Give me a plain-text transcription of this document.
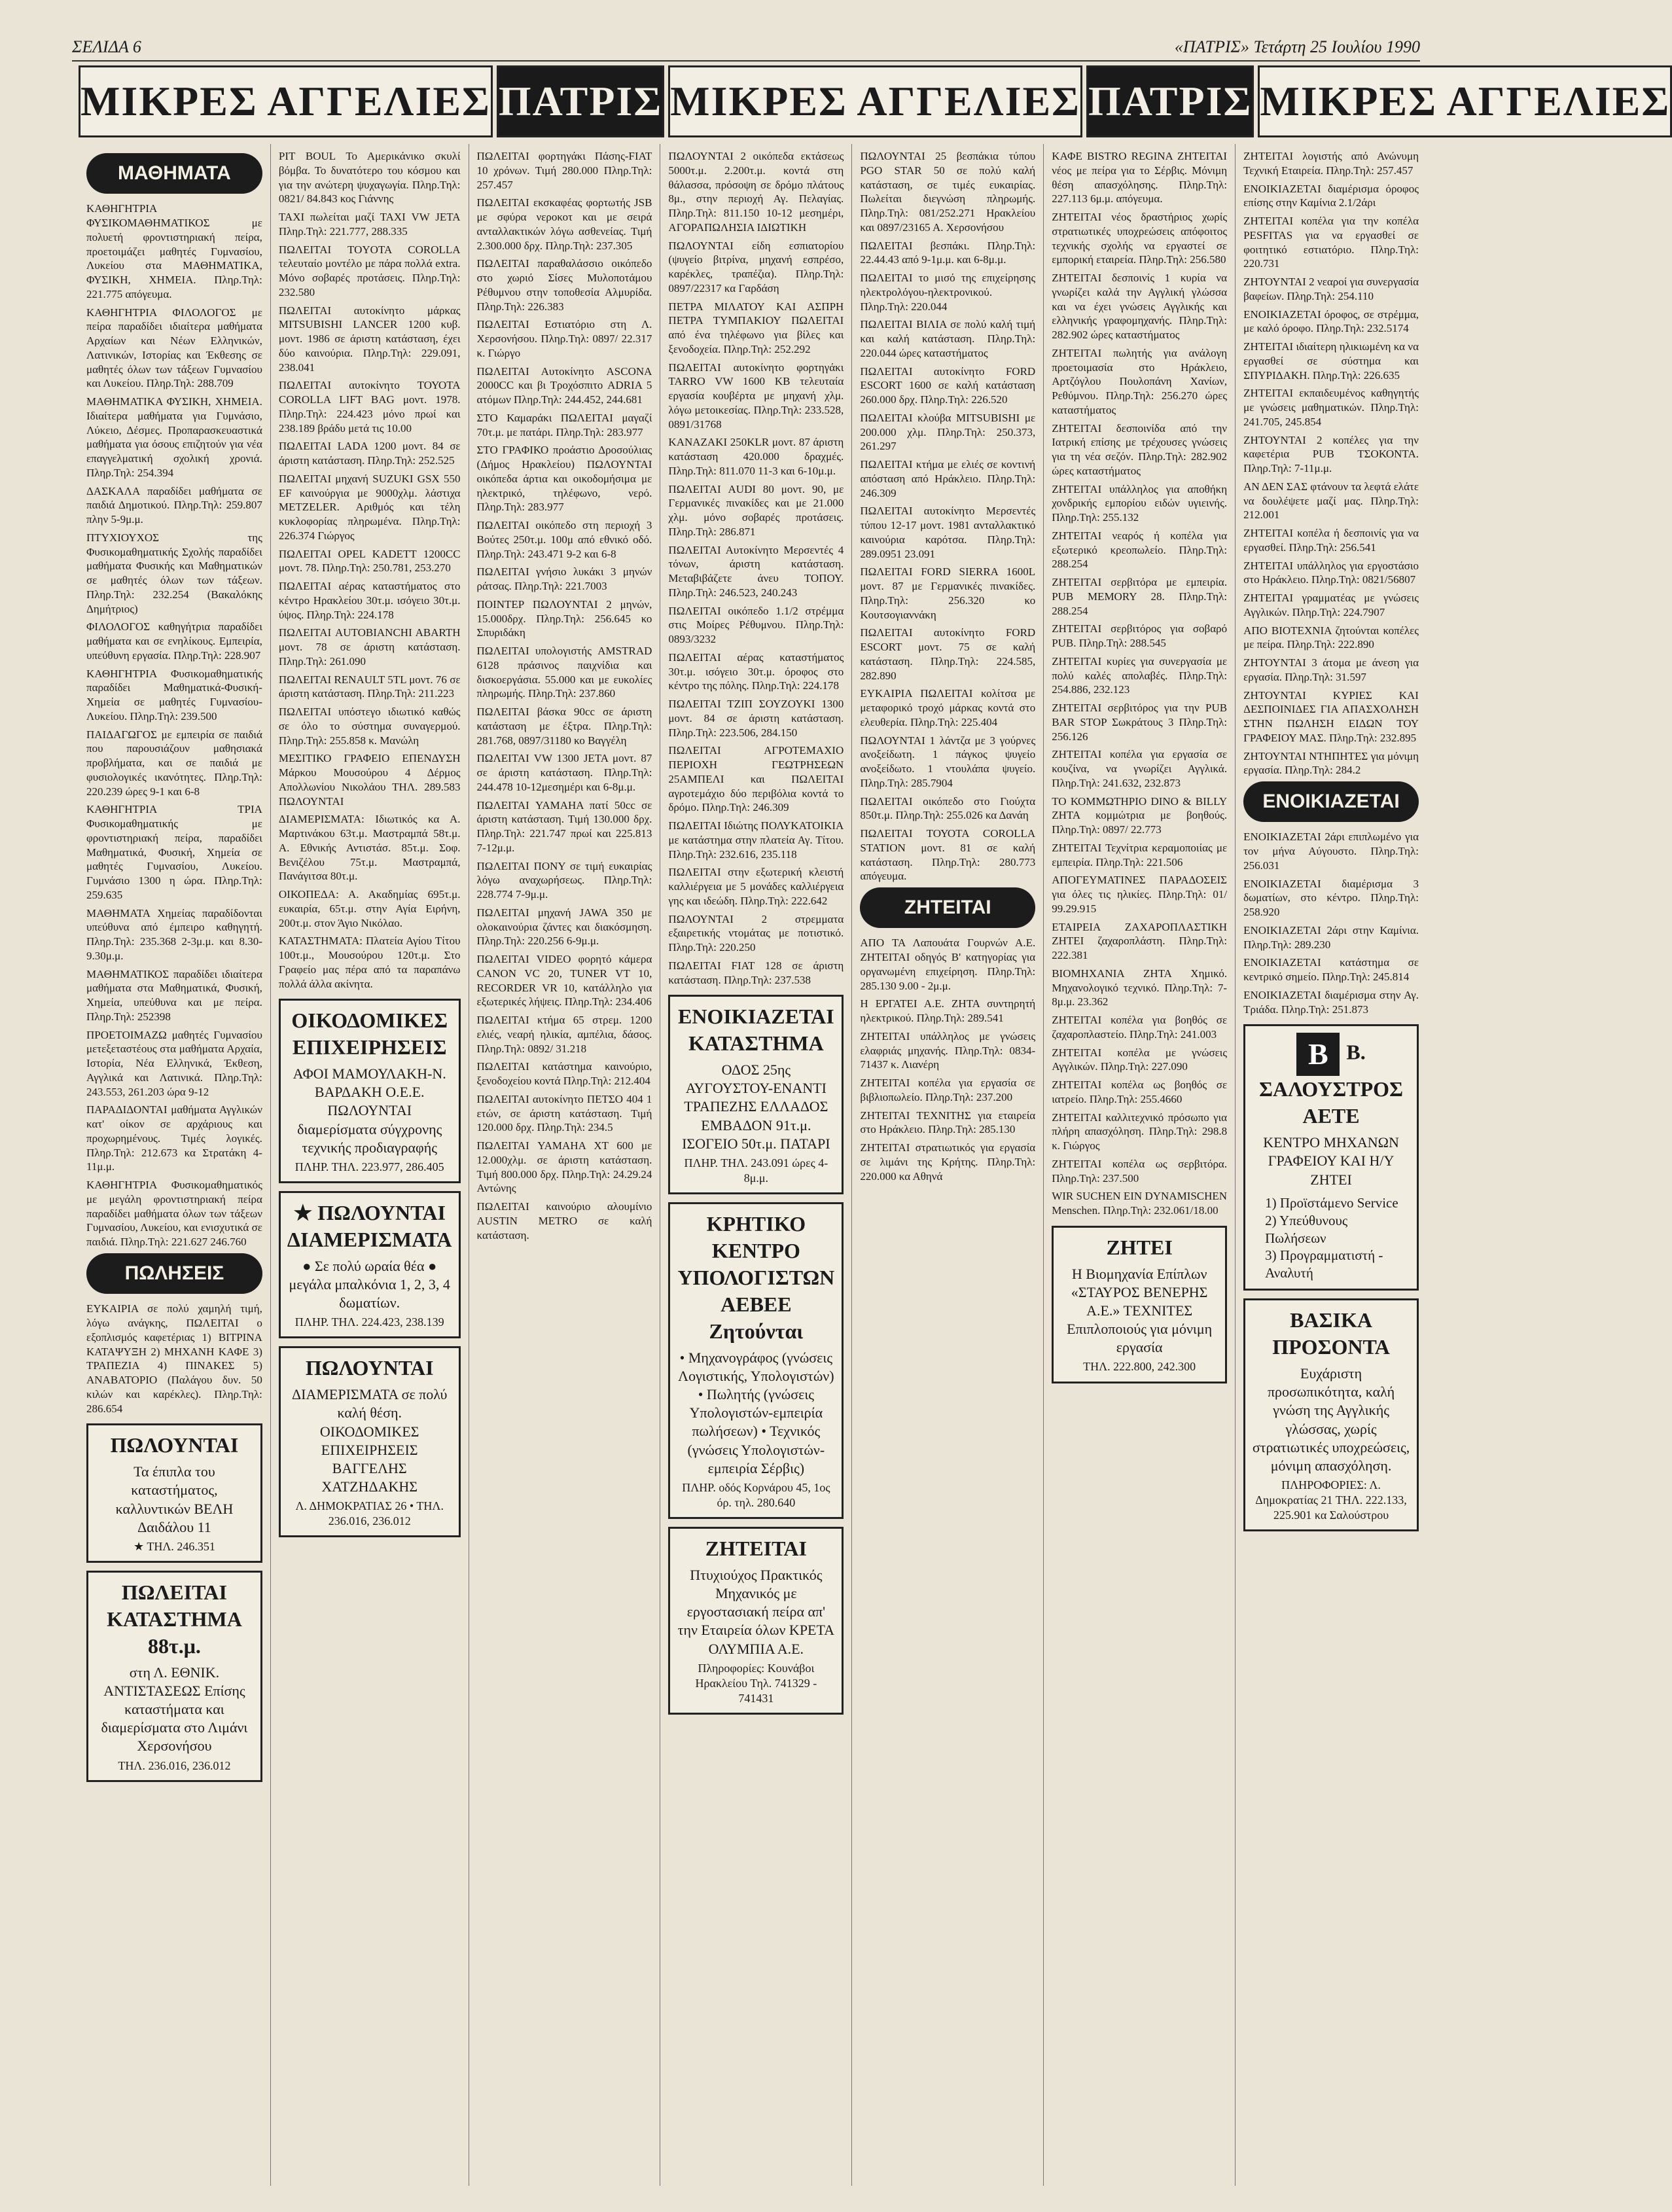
ΣΕΛΙΔΑ 6	«ΠΑΤΡΙΣ» Τετάρτη 25 Ιουλίου 1990
ΜΙΚΡΕΣ ΑΓΓΕΛΙΕΣ ΠΑΤΡΙΣ ΜΙΚΡΕΣ ΑΓΓΕΛΙΕΣ ΠΑΤΡΙΣ ΜΙΚΡΕΣ ΑΓΓΕΛΙΕΣ
ΜΑΘΗΜΑΤΑ

ΚΑΘΗΓΗΤΡΙΑ ΦΥΣΙΚΟΜΑΘΗΜΑΤΙΚΟΣ με πολυετή φροντιστηριακή πείρα, προετοιμάζει μαθητές Γυμνασίου, Λυκείου στα ΜΑΘΗΜΑΤΙΚΑ, ΦΥΣΙΚΗ, ΧΗΜΕΙΑ. Πληρ.Τηλ: 221.775 απόγευμα.

ΚΑΘΗΓΗΤΡΙΑ ΦΙΛΟΛΟΓΟΣ με πείρα παραδίδει ιδιαίτερα μαθήματα Αρχαίων και Νέων Ελληνικών, Λατινικών, Ιστορίας και Έκθεσης σε μαθητές όλων των τάξεων Γυμνασίου και Λυκείου. Πληρ.Τηλ: 288.709

ΜΑΘΗΜΑΤΙΚΑ ΦΥΣΙΚΗ, ΧΗΜΕΙΑ. Ιδιαίτερα μαθήματα για Γυμνάσιο, Λύκειο, Δέσμες. Προπαρασκευαστικά μαθήματα για όσους επιζητούν για νέα επαγγελματική σχολική χρονιά. Πληρ.Τηλ: 254.394

ΔΑΣΚΑΛΑ παραδίδει μαθήματα σε παιδιά Δημοτικού. Πληρ.Τηλ: 259.807 πλην 5-9μ.μ.

ΠΤΥΧΙΟΥΧΟΣ της Φυσικομαθηματικής Σχολής παραδίδει μαθήματα Φυσικής και Μαθηματικών σε μαθητές όλων των τάξεων. Πληρ.Τηλ: 232.254 (Βακαλόκης Δημήτριος)

ΦΙΛΟΛΟΓΟΣ καθηγήτρια παραδίδει μαθήματα και σε ενηλίκους. Εμπειρία, υπεύθυνη εργασία. Πληρ.Τηλ: 228.907

ΚΑΘΗΓΗΤΡΙΑ Φυσικομαθηματικής παραδίδει Μαθηματικά-Φυσική-Χημεία σε μαθητές Γυμνασίου-Λυκείου. Πληρ.Τηλ: 239.500

ΠΑΙΔΑΓΩΓΟΣ με εμπειρία σε παιδιά που παρουσιάζουν μαθησιακά προβλήματα, και σε παιδιά με φυσιολογικές ικανότητες. Πληρ.Τηλ: 220.239 ώρες 9-1 και 6-8

ΚΑΘΗΓΗΤΡΙΑ ΤΡΙΑ Φυσικομαθηματικής με φροντιστηριακή πείρα, παραδίδει Μαθηματικά, Φυσική, Χημεία σε μαθητές Γυμνασίου, Λυκείου. Γυμνάσιο 1300 η ώρα. Πληρ.Τηλ: 259.635

ΜΑΘΗΜΑΤΑ Χημείας παραδίδονται υπεύθυνα από έμπειρο καθηγητή. Πληρ.Τηλ: 235.368 2-3μ.μ. και 8.30-9.30μ.μ.

ΜΑΘΗΜΑΤΙΚΟΣ παραδίδει ιδιαίτερα μαθήματα στα Μαθηματικά, Φυσική, Χημεία, υπεύθυνα και με πείρα. Πληρ.Τηλ: 252398

ΠΡΟΕΤΟΙΜΑΖΩ μαθητές Γυμνασίου μετεξεταστέους στα μαθήματα Αρχαία, Ιστορία, Νέα Ελληνικά, Έκθεση, Αγγλικά και Λατινικά. Πληρ.Τηλ: 243.553, 261.203 ώρα 9-12

ΠΑΡΑΔΙΔΟΝΤΑΙ μαθήματα Αγγλικών κατ' οίκον σε αρχάριους και προχωρημένους. Τιμές λογικές. Πληρ.Τηλ: 212.673 κα Στρατάκη 4-11μ.μ.

ΚΑΘΗΓΗΤΡΙΑ Φυσικομαθηματικός με μεγάλη φροντιστηριακή πείρα παραδίδει μαθήματα όλων των τάξεων Γυμνασίου, Λυκείου, και ενισχυτικά σε παιδιά. Πληρ.Τηλ: 221.627 246.760

ΠΩΛΗΣΕΙΣ

ΕΥΚΑΙΡΙΑ σε πολύ χαμηλή τιμή, λόγω ανάγκης, ΠΩΛΕΙΤΑΙ ο εξοπλισμός καφετέριας 1) ΒΙΤΡΙΝΑ ΚΑΤΑΨΥΞΗ 2) ΜΗΧΑΝΗ ΚΑΦΕ 3) ΤΡΑΠΕΖΙΑ 4) ΠΙΝΑΚΕΣ 5) ΑΝΑΒΑΤΟΡΙΟ (Παλάγου δυν. 50 κιλών και καρέκλες). Πληρ.Τηλ: 286.654

ΠΩΛΟΥΝΤΑΙ
Τα έπιπλα του καταστήματος, καλλυντικών ΒΕΛΗ Δαιδάλου 11
★ ΤΗΛ. 246.351
ΠΩΛΕΙΤΑΙ ΚΑΤΑΣΤΗΜΑ 88τ.μ.
στη Λ. ΕΘΝΙΚ. ΑΝΤΙΣΤΑΣΕΩΣ Επίσης καταστήματα και διαμερίσματα στο Λιμάνι Χερσονήσου
ΤΗΛ. 236.016, 236.012

PIT BOUL Το Αμερικάνικο σκυλί βόμβα. Το δυνατότερο του κόσμου και για την ανώτερη ψυχαγωγία. Πληρ.Τηλ: 0821/ 84.843 κος Γιάννης

TAXI πωλείται μαζί ΤΑΧΙ VW JETA Πληρ.Τηλ: 221.777, 288.335

ΠΩΛΕΙΤΑΙ TOYOTA COROLLA τελευταίο μοντέλο με πάρα πολλά extra. Μόνο σοβαρές προτάσεις. Πληρ.Τηλ: 232.580

ΠΩΛΕΙΤΑΙ αυτοκίνητο μάρκας MITSUBISHI LANCER 1200 κυβ. μοντ. 1986 σε άριστη κατάσταση, έχει δύο καινούρια. Πληρ.Τηλ: 229.091, 238.041

ΠΩΛΕΙΤΑΙ αυτοκίνητο ΤΟΥΟΤΑ COROLLA LIFT BAG μοντ. 1978. Πληρ.Τηλ: 224.423 μόνο πρωί και 238.189 βράδυ μετά τις 10.00

ΠΩΛΕΙΤΑΙ LADA 1200 μοντ. 84 σε άριστη κατάσταση. Πληρ.Τηλ: 252.525

ΠΩΛΕΙΤΑΙ μηχανή SUZUKI GSX 550 EF καινούργια με 9000χλμ. λάστιχα METZELER. Αριθμός και τέλη κυκλοφορίας πληρωμένα. Πληρ.Τηλ: 226.374 Γιώργος

ΠΩΛΕΙΤΑΙ OPEL KADETT 1200CC μοντ. 78. Πληρ.Τηλ: 250.781, 253.270

ΠΩΛΕΙΤΑΙ αέρας καταστήματος στο κέντρο Ηρακλείου 30τ.μ. ισόγειο 30τ.μ. ύψος. Πληρ.Τηλ: 224.178

ΠΩΛΕΙΤΑΙ AUTOBIANCHI ABARTH μοντ. 78 σε άριστη κατάσταση. Πληρ.Τηλ: 261.090

ΠΩΛΕΙΤΑΙ RENAULT 5TL μοντ. 76 σε άριστη κατάσταση. Πληρ.Τηλ: 211.223

ΠΩΛΕΙΤΑΙ υπόστεγο ιδιωτικό καθώς σε όλο το σύστημα συναγερμού. Πληρ.Τηλ: 255.858 κ. Μανώλη

ΜΕΣΙΤΙΚΟ ΓΡΑΦΕΙΟ ΕΠΕΝΔΥΣΗ Μάρκου Μουσούρου 4 Δέρμος Απολλωνίου Νικολάου ΤΗΛ. 289.583 ΠΩΛΟΥΝΤΑΙ

ΔΙΑΜΕΡΙΣΜΑΤΑ: Ιδιωτικός κα Α. Μαρτινάκου 63τ.μ. Μαστραμπά 58τ.μ. Α. Εθνικής Αντιστάσ. 85τ.μ. Σοφ. Βενιζέλου 75τ.μ. Μαστραμπά, Πανάγιτσα 80τ.μ.

ΟΙΚΟΠΕΔΑ: Α. Ακαδημίας 695τ.μ. ευκαιρία, 65τ.μ. στην Αγία Ειρήνη, 200τ.μ. στον Άγιο Νικόλαο.

ΚΑΤΑΣΤΗΜΑΤΑ: Πλατεία Αγίου Τίτου 100τ.μ., Μουσούρου 120τ.μ. Στο Γραφείο μας πέρα από τα παραπάνω πολλά άλλα ακίνητα.

ΟΙΚΟΔΟΜΙΚΕΣ ΕΠΙΧΕΙΡΗΣΕΙΣ
ΑΦΟΙ ΜΑΜΟΥΛΑΚΗ-Ν. ΒΑΡΔΑΚΗ Ο.Ε.Ε. ΠΩΛΟΥΝΤΑΙ διαμερίσματα σύγχρονης τεχνικής προδιαγραφής
ΠΛΗΡ. ΤΗΛ. 223.977, 286.405
★ ΠΩΛΟΥΝΤΑΙ ΔΙΑΜΕΡΙΣΜΑΤΑ
● Σε πολύ ωραία θέα ● μεγάλα μπαλκόνια 1, 2, 3, 4 δωματίων.
ΠΛΗΡ. ΤΗΛ. 224.423, 238.139
ΠΩΛΟΥΝΤΑΙ
ΔΙΑΜΕΡΙΣΜΑΤΑ σε πολύ καλή θέση. ΟΙΚΟΔΟΜΙΚΕΣ ΕΠΙΧΕΙΡΗΣΕΙΣ ΒΑΓΓΕΛΗΣ ΧΑΤΖΗΔΑΚΗΣ
Λ. ΔΗΜΟΚΡΑΤΙΑΣ 26 • ΤΗΛ. 236.016, 236.012

ΠΩΛΕΙΤΑΙ φορτηγάκι Πάσης-FIAT 10 χρόνων. Τιμή 280.000 Πληρ.Τηλ: 257.457

ΠΩΛΕΙΤΑΙ εκσκαφέας φορτωτής JSB με σφύρα νεροκοτ και με σειρά ανταλλακτικών λόγω ασθενείας. Τιμή 2.300.000 δρχ. Πληρ.Τηλ: 237.305

ΠΩΛΕΙΤΑΙ παραθαλάσσιο οικόπεδο στο χωριό Σίσες Μυλοποτάμου Ρέθυμνου στην τοποθεσία Αλμυρίδα. Πληρ.Τηλ: 226.383

ΠΩΛΕΙΤΑΙ Εστιατόριο στη Λ. Χερσονήσου. Πληρ.Τηλ: 0897/ 22.317 κ. Γιώργο

ΠΩΛΕΙΤΑΙ Αυτοκίνητο ASCONA 2000CC και βι Τροχόσπιτο ADRIA 5 ατόμων Πληρ.Τηλ: 244.452, 244.681

ΣΤΟ Καμαράκι ΠΩΛΕΙΤΑΙ μαγαζί 70τ.μ. με πατάρι. Πληρ.Τηλ: 283.977

ΣΤΟ ΓΡΑΦΙΚΟ προάστιο Δροσούλιας (Δήμος Ηρακλείου) ΠΩΛΟΥΝΤΑΙ οικόπεδα άρτια και οικοδομήσιμα με ηλεκτρικό, τηλέφωνο, νερό. Πληρ.Τηλ: 283.977

ΠΩΛΕΙΤΑΙ οικόπεδο στη περιοχή 3 Βούτες 250τ.μ. 100μ από εθνικό οδό. Πληρ.Τηλ: 243.471 9-2 και 6-8

ΠΩΛΕΙΤΑΙ γνήσιο λυκάκι 3 μηνών ράτσας. Πληρ.Τηλ: 221.7003

ΠΟΙΝΤΕΡ ΠΩΛΟΥΝΤΑΙ 2 μηνών, 15.000δρχ. Πληρ.Τηλ: 256.645 κο Σπυριδάκη

ΠΩΛΕΙΤΑΙ υπολογιστής AMSTRAD 6128 πράσινος παιχνίδια και δισκοεργάσια. 55.000 και με ευκολίες πληρωμής. Πληρ.Τηλ: 237.860

ΠΩΛΕΙΤΑΙ βάσκα 90cc σε άριστη κατάσταση με έξτρα. Πληρ.Τηλ: 281.768, 0897/31180 κο Βαγγέλη

ΠΩΛΕΙΤΑΙ VW 1300 JETA μοντ. 87 σε άριστη κατάσταση. Πληρ.Τηλ: 244.478 10-12μεσημέρι και 6-8μ.μ.

ΠΩΛΕΙΤΑΙ YAMAHA πατί 50cc σε άριστη κατάσταση. Τιμή 130.000 δρχ. Πληρ.Τηλ: 221.747 πρωί και 225.813 7-12μ.μ.

ΠΩΛΕΙΤΑΙ ΠΟΝΥ σε τιμή ευκαιρίας λόγω αναχωρήσεως. Πληρ.Τηλ: 228.774 7-9μ.μ.

ΠΩΛΕΙΤΑΙ μηχανή JAWA 350 με ολοκαινούρια ζάντες και διακόσμηση. Πληρ.Τηλ: 220.256 6-9μ.μ.

ΠΩΛΕΙΤΑΙ VIDEO φορητό κάμερα CANON VC 20, TUNER VT 10, RECORDER VR 10, κατάλληλο για εξωτερικές λήψεις. Πληρ.Τηλ: 234.406

ΠΩΛΕΙΤΑΙ κτήμα 65 στρεμ. 1200 ελιές, νεαρή ηλικία, αμπέλια, δάσος. Πληρ.Τηλ: 0892/ 31.218

ΠΩΛΕΙΤΑΙ κατάστημα καινούριο, ξενοδοχείου κοντά Πληρ.Τηλ: 212.404

ΠΩΛΕΙΤΑΙ αυτοκίνητο ΠΕΤΣΟ 404 1 ετών, σε άριστη κατάσταση. Τιμή 120.000 δρχ. Πληρ.Τηλ: 234.5

ΠΩΛΕΙΤΑΙ YAMAHA XT 600 με 12.000χλμ. σε άριστη κατάσταση. Τιμή 800.000 δρχ. Πληρ.Τηλ: 24.29.24 Αντώνης

ΠΩΛΕΙΤΑΙ καινούριο αλουμίνιο AUSTIN METRO σε καλή κατάσταση.

ΠΩΛΟΥΝΤΑΙ 2 οικόπεδα εκτάσεως 5000τ.μ. 2.200τ.μ. κοντά στη θάλασσα, πρόσοψη σε δρόμο πλάτους 8μ., στην περιοχή Αγ. Πελαγίας. Πληρ.Τηλ: 811.150 10-12 μεσημέρι, ΑΓΟΡΑΠΩΛΗΣΙΑ ΙΔΙΩΤΙΚΗ

ΠΩΛΟΥΝΤΑΙ είδη εσπιατορίου (ψυγείο βιτρίνα, μηχανή εσπρέσο, καρέκλες, τραπέζια). Πληρ.Τηλ: 0897/22317 κα Γαρδάση

ΠΕΤΡΑ ΜΙΛΑΤΟΥ ΚΑΙ ΑΣΠΡΗ ΠΕΤΡΑ ΤΥΜΠΑΚΙΟΥ ΠΩΛΕΙΤΑΙ από ένα τηλέφωνο για βίλες και ξενοδοχεία. Πληρ.Τηλ: 252.292

ΠΩΛΕΙΤΑΙ αυτοκίνητο φορτηγάκι TARRO VW 1600 KB τελευταία εργασία κουβέρτα με μηχανή χλμ. λόγω μετοικεσίας. Πληρ.Τηλ: 233.528, 0891/31768

ΚΑΝΑΖΑΚΙ 250KLR μοντ. 87 άριστη κατάσταση 420.000 δραχμές. Πληρ.Τηλ: 811.070 11-3 και 6-10μ.μ.

ΠΩΛΕΙΤΑΙ AUDI 80 μοντ. 90, με Γερμανικές πινακίδες και με 21.000 χλμ. μόνο σοβαρές προτάσεις. Πληρ.Τηλ: 286.871

ΠΩΛΕΙΤΑΙ Αυτοκίνητο Μερσεντές 4 τόνων, άριστη κατάσταση. Μεταβιβάζετε άνευ ΤΟΠΟΥ. Πληρ.Τηλ: 246.523, 240.243

ΠΩΛΕΙΤΑΙ οικόπεδο 1.1/2 στρέμμα στις Μοίρες Ρέθυμνου. Πληρ.Τηλ: 0893/3232

ΠΩΛΕΙΤΑΙ αέρας καταστήματος 30τ.μ. ισόγειο 30τ.μ. όροφος στο κέντρο της πόλης. Πληρ.Τηλ: 224.178

ΠΩΛΕΙΤΑΙ ΤΖΙΠ ΣΟΥΖΟΥΚΙ 1300 μοντ. 84 σε άριστη κατάσταση. Πληρ.Τηλ: 223.506, 284.150

ΠΩΛΕΙΤΑΙ ΑΓΡΟΤΕΜΑΧΙΟ ΠΕΡΙΟΧΗ ΓΕΩΤΡΗΣΕΩΝ 25ΑΜΠΕΛΙ και ΠΩΛΕΙΤΑΙ αγροτεμάχιο δύο περιβόλια κοντά το δρόμο. Πληρ.Τηλ: 246.309

ΠΩΛΕΙΤΑΙ Ιδιώτης ΠΟΛΥΚΑΤΟΙΚΙΑ με κατάστημα στην πλατεία Αγ. Τίτου. Πληρ.Τηλ: 232.616, 235.118

ΠΩΛΕΙΤΑΙ στην εξωτερική κλειστή καλλιέργεια με 5 μονάδες καλλιέργεια γης και ιδεώδη. Πληρ.Τηλ: 222.642

ΠΩΛΟΥΝΤΑΙ 2 στρεμματα εξαιρετικής ντομάτας με ποτιστικό. Πληρ.Τηλ: 220.250

ΠΩΛΕΙΤΑΙ FIAT 128 σε άριστη κατάσταση. Πληρ.Τηλ: 237.538

ΕΝΟΙΚΙΑΖΕΤΑΙ ΚΑΤΑΣΤΗΜΑ
ΟΔΟΣ 25ης ΑΥΓΟΥΣΤΟΥ-ΕΝΑΝΤΙ ΤΡΑΠΕΖΗΣ ΕΛΛΑΔΟΣ ΕΜΒΑΔΟΝ 91τ.μ. ΙΣΟΓΕΙΟ 50τ.μ. ΠΑΤΑΡΙ
ΠΛΗΡ. ΤΗΛ. 243.091 ώρες 4-8μ.μ.
ΚΡΗΤΙΚΟ ΚΕΝΤΡΟ ΥΠΟΛΟΓΙΣΤΩΝ ΑΕΒΕΕ Ζητούνται
• Μηχανογράφος (γνώσεις Λογιστικής, Υπολογιστών) • Πωλητής (γνώσεις Υπολογιστών-εμπειρία πωλήσεων) • Τεχνικός (γνώσεις Υπολογιστών-εμπειρία Σέρβις)
ΠΛΗΡ. οδός Κορνάρου 45, 1ος όρ. τηλ. 280.640
ΖΗΤΕΙΤΑΙ
Πτυχιούχος Πρακτικός Μηχανικός με εργοστασιακή πείρα απ' την Εταιρεία όλων ΚΡΕΤΑ ΟΛΥΜΠΙΑ Α.Ε.
Πληροφορίες: Κουνάβοι Ηρακλείου Τηλ. 741329 - 741431

ΠΩΛΟΥΝΤΑΙ 25 βεσπάκια τύπου PGO STAR 50 σε πολύ καλή κατάσταση, σε τιμές ευκαιρίας. Πωλείται διεγνώση πληρωμής. Πληρ.Τηλ: 081/252.271 Ηρακλείου και 0897/23165 Α. Χερσονήσου

ΠΩΛΕΙΤΑΙ βεσπάκι. Πληρ.Τηλ: 22.44.43 από 9-1μ.μ. και 6-8μ.μ.

ΠΩΛΕΙΤΑΙ το μισό της επιχείρησης ηλεκτρολόγου-ηλεκτρονικού. Πληρ.Τηλ: 220.044

ΠΩΛΕΙΤΑΙ ΒΙΛΙΑ σε πολύ καλή τιμή και καλή κατάσταση. Πληρ.Τηλ: 220.044 ώρες καταστήματος

ΠΩΛΕΙΤΑΙ αυτοκίνητο FORD ESCORT 1600 σε καλή κατάσταση 260.000 δρχ. Πληρ.Τηλ: 226.520

ΠΩΛΕΙΤΑΙ κλούβα MITSUBISHI με 200.000 χλμ. Πληρ.Τηλ: 250.373, 261.297

ΠΩΛΕΙΤΑΙ κτήμα με ελιές σε κοντινή απόσταση από Ηράκλειο. Πληρ.Τηλ: 246.309

ΠΩΛΕΙΤΑΙ αυτοκίνητο Μερσεντές τύπου 12-17 μοντ. 1981 ανταλλακτικό καινούρια καρότσα. Πληρ.Τηλ: 289.0951 23.091

ΠΩΛΕΙΤΑΙ FORD SIERRA 1600L μοντ. 87 με Γερμανικές πινακίδες. Πληρ.Τηλ: 256.320 κο Κουτσογιαννάκη

ΠΩΛΕΙΤΑΙ αυτοκίνητο FORD ESCORT μοντ. 75 σε καλή κατάσταση. Πληρ.Τηλ: 224.585, 282.890

ΕΥΚΑΙΡΙΑ ΠΩΛΕΙΤΑΙ κολίτσα με μεταφορικό τροχό μάρκας κοντά στο ελευθερία. Πληρ.Τηλ: 225.404

ΠΩΛΟΥΝΤΑΙ 1 λάντζα με 3 γούρνες ανοξείδωτη. 1 πάγκος ψυγείο ανοξείδωτο. 1 ντουλάπα ψυγείο. Πληρ.Τηλ: 285.7904

ΠΩΛΕΙΤΑΙ οικόπεδο στο Γιούχτα 850τ.μ. Πληρ.Τηλ: 255.026 κα Δανάη

ΠΩΛΕΙΤΑΙ ΤΟΥΟΤΑ COROLLA STATION μοντ. 81 σε καλή κατάσταση. Πληρ.Τηλ: 280.773 απόγευμα.

ΖΗΤΕΙΤΑΙ

ΑΠΟ ΤΑ Λαπουάτα Γουρνών Α.Ε. ΖΗΤΕΙΤΑΙ οδηγός Β' κατηγορίας για οργανωμένη επιχείρηση. Πληρ.Τηλ: 285.130 9.00 - 2μ.μ.

Η ΕΡΓΑΤΕΙ Α.Ε. ΖΗΤΑ συντηρητή ηλεκτρικού. Πληρ.Τηλ: 289.541

ΖΗΤΕΙΤΑΙ υπάλληλος με γνώσεις ελαφριάς μηχανής. Πληρ.Τηλ: 0834-71437 κ. Λιανέρη

ΖΗΤΕΙΤΑΙ κοπέλα για εργασία σε βιβλιοπωλείο. Πληρ.Τηλ: 237.200

ΖΗΤΕΙΤΑΙ ΤΕΧΝΙΤΗΣ για εταιρεία στο Ηράκλειο. Πληρ.Τηλ: 285.130

ΖΗΤΕΙΤΑΙ στρατιωτικός για εργασία σε λιμάνι της Κρήτης. Πληρ.Τηλ: 220.000 κα Αθηνά

ΚΑΦΕ BISTRO REGINA ΖΗΤΕΙΤΑΙ νέος με πείρα για το Σέρβις. Μόνιμη θέση απασχόλησης. Πληρ.Τηλ: 227.113 6μ.μ. απόγευμα.

ΖΗΤΕΙΤΑΙ νέος δραστήριος χωρίς στρατιωτικές υποχρεώσεις απόφοιτος τεχνικής σχολής να εργαστεί σε εμπορική εταιρεία. Πληρ.Τηλ: 256.580

ΖΗΤΕΙΤΑΙ δεσποινίς 1 κυρία να γνωρίζει καλά την Αγγλική γλώσσα και να έχει γνώσεις Αγγλικής και ελληνικής γραφομηχανής. Πληρ.Τηλ: 282.902 ώρες καταστήματος

ΖΗΤΕΙΤΑΙ πωλητής για ανάλογη προετοιμασία στο Ηράκλειο, Αρτζόγλου Πουλοπάνη Χανίων, Ρεθύμνου. Πληρ.Τηλ: 256.270 ώρες καταστήματος

ΖΗΤΕΙΤΑΙ δεσποινίδα από την Ιατρική επίσης με τρέχουσες γνώσεις για τη νέα σεζόν. Πληρ.Τηλ: 282.902 ώρες καταστήματος

ΖΗΤΕΙΤΑΙ υπάλληλος για αποθήκη χονδρικής εμπορίου ειδών υγιεινής. Πληρ.Τηλ: 255.132

ΖΗΤΕΙΤΑΙ νεαρός ή κοπέλα για εξωτερικό κρεοπωλείο. Πληρ.Τηλ: 288.254

ΖΗΤΕΙΤΑΙ σερβιτόρα με εμπειρία. PUB MEMORY 28. Πληρ.Τηλ: 288.254

ΖΗΤΕΙΤΑΙ σερβιτόρος για σοβαρό PUB. Πληρ.Τηλ: 288.545

ΖΗΤΕΙΤΑΙ κυρίες για συνεργασία με πολύ καλές απολαβές. Πληρ.Τηλ: 254.886, 232.123

ΖΗΤΕΙΤΑΙ σερβιτόρος για την PUB BAR STOP Σωκράτους 3 Πληρ.Τηλ: 256.126

ΖΗΤΕΙΤΑΙ κοπέλα για εργασία σε κουζίνα, να γνωρίζει Αγγλικά. Πληρ.Τηλ: 241.632, 232.873

ΤΟ ΚΟΜΜΩΤΗΡΙΟ DINO & BILLY ΖΗΤΑ κομμώτρια με βοηθούς. Πληρ.Τηλ: 0897/ 22.773

ΖΗΤΕΙΤΑΙ Τεχνίτρια κεραμοποιίας με εμπειρία. Πληρ.Τηλ: 221.506

ΑΠΟΓΕΥΜΑΤΙΝΕΣ ΠΑΡΑΔΟΣΕΙΣ για όλες τις ηλικίες. Πληρ.Τηλ: 01/ 99.29.915

ΕΤΑΙΡΕΙΑ ΖΑΧΑΡΟΠΛΑΣΤΙΚΗ ΖΗΤΕΙ ζαχαροπλάστη. Πληρ.Τηλ: 222.381

ΒΙΟΜΗΧΑΝΙΑ ΖΗΤΑ Χημικό. Μηχανολογικό τεχνικό. Πληρ.Τηλ: 7-8μ.μ. 23.362

ΖΗΤΕΙΤΑΙ κοπέλα για βοηθός σε ζαχαροπλαστείο. Πληρ.Τηλ: 241.003

ΖΗΤΕΙΤΑΙ κοπέλα με γνώσεις Αγγλικών. Πληρ.Τηλ: 227.090

ΖΗΤΕΙΤΑΙ κοπέλα ως βοηθός σε ιατρείο. Πληρ.Τηλ: 255.4660

ΖΗΤΕΙΤΑΙ καλλιτεχνικό πρόσωπο για πλήρη απασχόληση. Πληρ.Τηλ: 298.8 κ. Γιώργος

ΖΗΤΕΙΤΑΙ κοπέλα ως σερβιτόρα. Πληρ.Τηλ: 237.500

WIR SUCHEN EIN DYNAMISCHEN Menschen. Πληρ.Τηλ: 232.061/18.00

ΖΗΤΕΙ
Η Βιομηχανία Επίπλων «ΣΤΑΥΡΟΣ ΒΕΝΕΡΗΣ Α.Ε.» ΤΕΧΝΙΤΕΣ Επιπλοποιούς για μόνιμη εργασία
ΤΗΛ. 222.800, 242.300

ΖΗΤΕΙΤΑΙ λογιστής από Ανώνυμη Τεχνική Εταιρεία. Πληρ.Τηλ: 257.457

ΕΝΟΙΚΙΑΖΕΤΑΙ διαμέρισμα όροφος επίσης στην Καμίνια 2.1/2άρι

ΖΗΤΕΙΤΑΙ κοπέλα για την κοπέλα PESFITAS για να εργασθεί σε φοιτητικό εστιατόριο. Πληρ.Τηλ: 220.731

ΖΗΤΟΥΝΤΑΙ 2 νεαροί για συνεργασία βαφείων. Πληρ.Τηλ: 254.110

ΕΝΟΙΚΙΑΖΕΤΑΙ όροφος, σε στρέμμα, με καλό όροφο. Πληρ.Τηλ: 232.5174

ΖΗΤΕΙΤΑΙ ιδιαίτερη ηλικιωμένη κα να εργασθεί σε σύστημα και ΣΠΥΡΙΔΑΚΗ. Πληρ.Τηλ: 226.635

ΖΗΤΕΙΤΑΙ εκπαιδευμένος καθηγητής με γνώσεις μαθηματικών. Πληρ.Τηλ: 241.705, 245.854

ΖΗΤΟΥΝΤΑΙ 2 κοπέλες για την καφετέρια PUB ΤΣΟΚΟΝΤΑ. Πληρ.Τηλ: 7-11μ.μ.

ΑΝ ΔΕΝ ΣΑΣ φτάνουν τα λεφτά ελάτε να δουλέψετε μαζί μας. Πληρ.Τηλ: 212.001

ΖΗΤΕΙΤΑΙ κοπέλα ή δεσποινίς για να εργασθεί. Πληρ.Τηλ: 256.541

ΖΗΤΕΙΤΑΙ υπάλληλος για εργοστάσιο στο Ηράκλειο. Πληρ.Τηλ: 0821/56807

ΖΗΤΕΙΤΑΙ γραμματέας με γνώσεις Αγγλικών. Πληρ.Τηλ: 224.7907

ΑΠΟ ΒΙΟΤΕΧΝΙΑ ζητούνται κοπέλες με πείρα. Πληρ.Τηλ: 222.890

ΖΗΤΟΥΝΤΑΙ 3 άτομα με άνεση για εργασία. Πληρ.Τηλ: 31.597

ΖΗΤΟΥΝΤΑΙ ΚΥΡΙΕΣ ΚΑΙ ΔΕΣΠΟΙΝΙΔΕΣ ΓΙΑ ΑΠΑΣΧΟΛΗΣΗ ΣΤΗΝ ΠΩΛΗΣΗ ΕΙΔΩΝ ΤΟΥ ΓΡΑΦΕΙΟΥ ΜΑΣ. Πληρ.Τηλ: 232.895

ΖΗΤΟΥΝΤΑΙ ΝΤΗΠΗΤΕΣ για μόνιμη εργασία. Πληρ.Τηλ: 284.2

ΕΝΟΙΚΙΑΖΕΤΑΙ

ΕΝΟΙΚΙΑΖΕΤΑΙ 2άρι επιπλωμένο για τον μήνα Αύγουστο. Πληρ.Τηλ: 256.031

ΕΝΟΙΚΙΑΖΕΤΑΙ διαμέρισμα 3 δωματίων, στο κέντρο. Πληρ.Τηλ: 258.920

ΕΝΟΙΚΙΑΖΕΤΑΙ 2άρι στην Καμίνια. Πληρ.Τηλ: 289.230

ΕΝΟΙΚΙΑΖΕΤΑΙ κατάστημα σε κεντρικό σημείο. Πληρ.Τηλ: 245.814

ΕΝΟΙΚΙΑΖΕΤΑΙ διαμέρισμα στην Αγ. Τριάδα. Πληρ.Τηλ: 251.873

Β Β. ΣΑΛΟΥΣΤΡΟΣ ΑΕΤΕ
ΚΕΝΤΡΟ ΜΗΧΑΝΩΝ ΓΡΑΦΕΙΟΥ ΚΑΙ Η/Υ ΖΗΤΕΙ
1) Προϊστάμενο Service
2) Υπεύθυνους Πωλήσεων
3) Προγραμματιστή - Αναλυτή
ΒΑΣΙΚΑ ΠΡΟΣΟΝΤΑ
Ευχάριστη προσωπικότητα, καλή γνώση της Αγγλικής γλώσσας, χωρίς στρατιωτικές υποχρεώσεις, μόνιμη απασχόληση.
ΠΛΗΡΟΦΟΡΙΕΣ: Λ. Δημοκρατίας 21 ΤΗΛ. 222.133, 225.901 κα Σαλούστρου
